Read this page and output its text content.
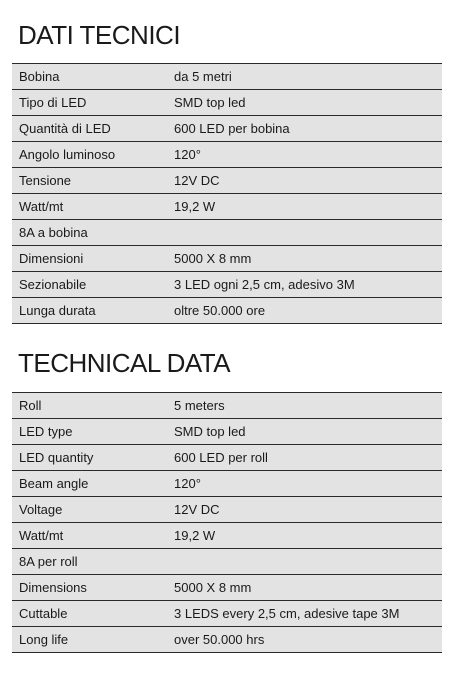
DATI TECNICI
Bobina	da 5 metri
Tipo di LED	SMD top led
Quantità di LED	600 LED per bobina
Angolo luminoso	120°
Tensione	12V DC
Watt/mt	19,2 W
8A a bobina
Dimensioni	5000 X 8 mm
Sezionabile	3 LED ogni 2,5 cm, adesivo 3M
Lunga durata	oltre 50.000 ore
TECHNICAL DATA
Roll	5 meters
LED type	SMD top led
LED quantity	600 LED per roll
Beam angle	120°
Voltage	12V DC
Watt/mt	19,2 W
8A per roll
Dimensions	5000 X 8 mm
Cuttable	3 LEDS every 2,5 cm, adesive tape 3M
Long life	over 50.000 hrs
